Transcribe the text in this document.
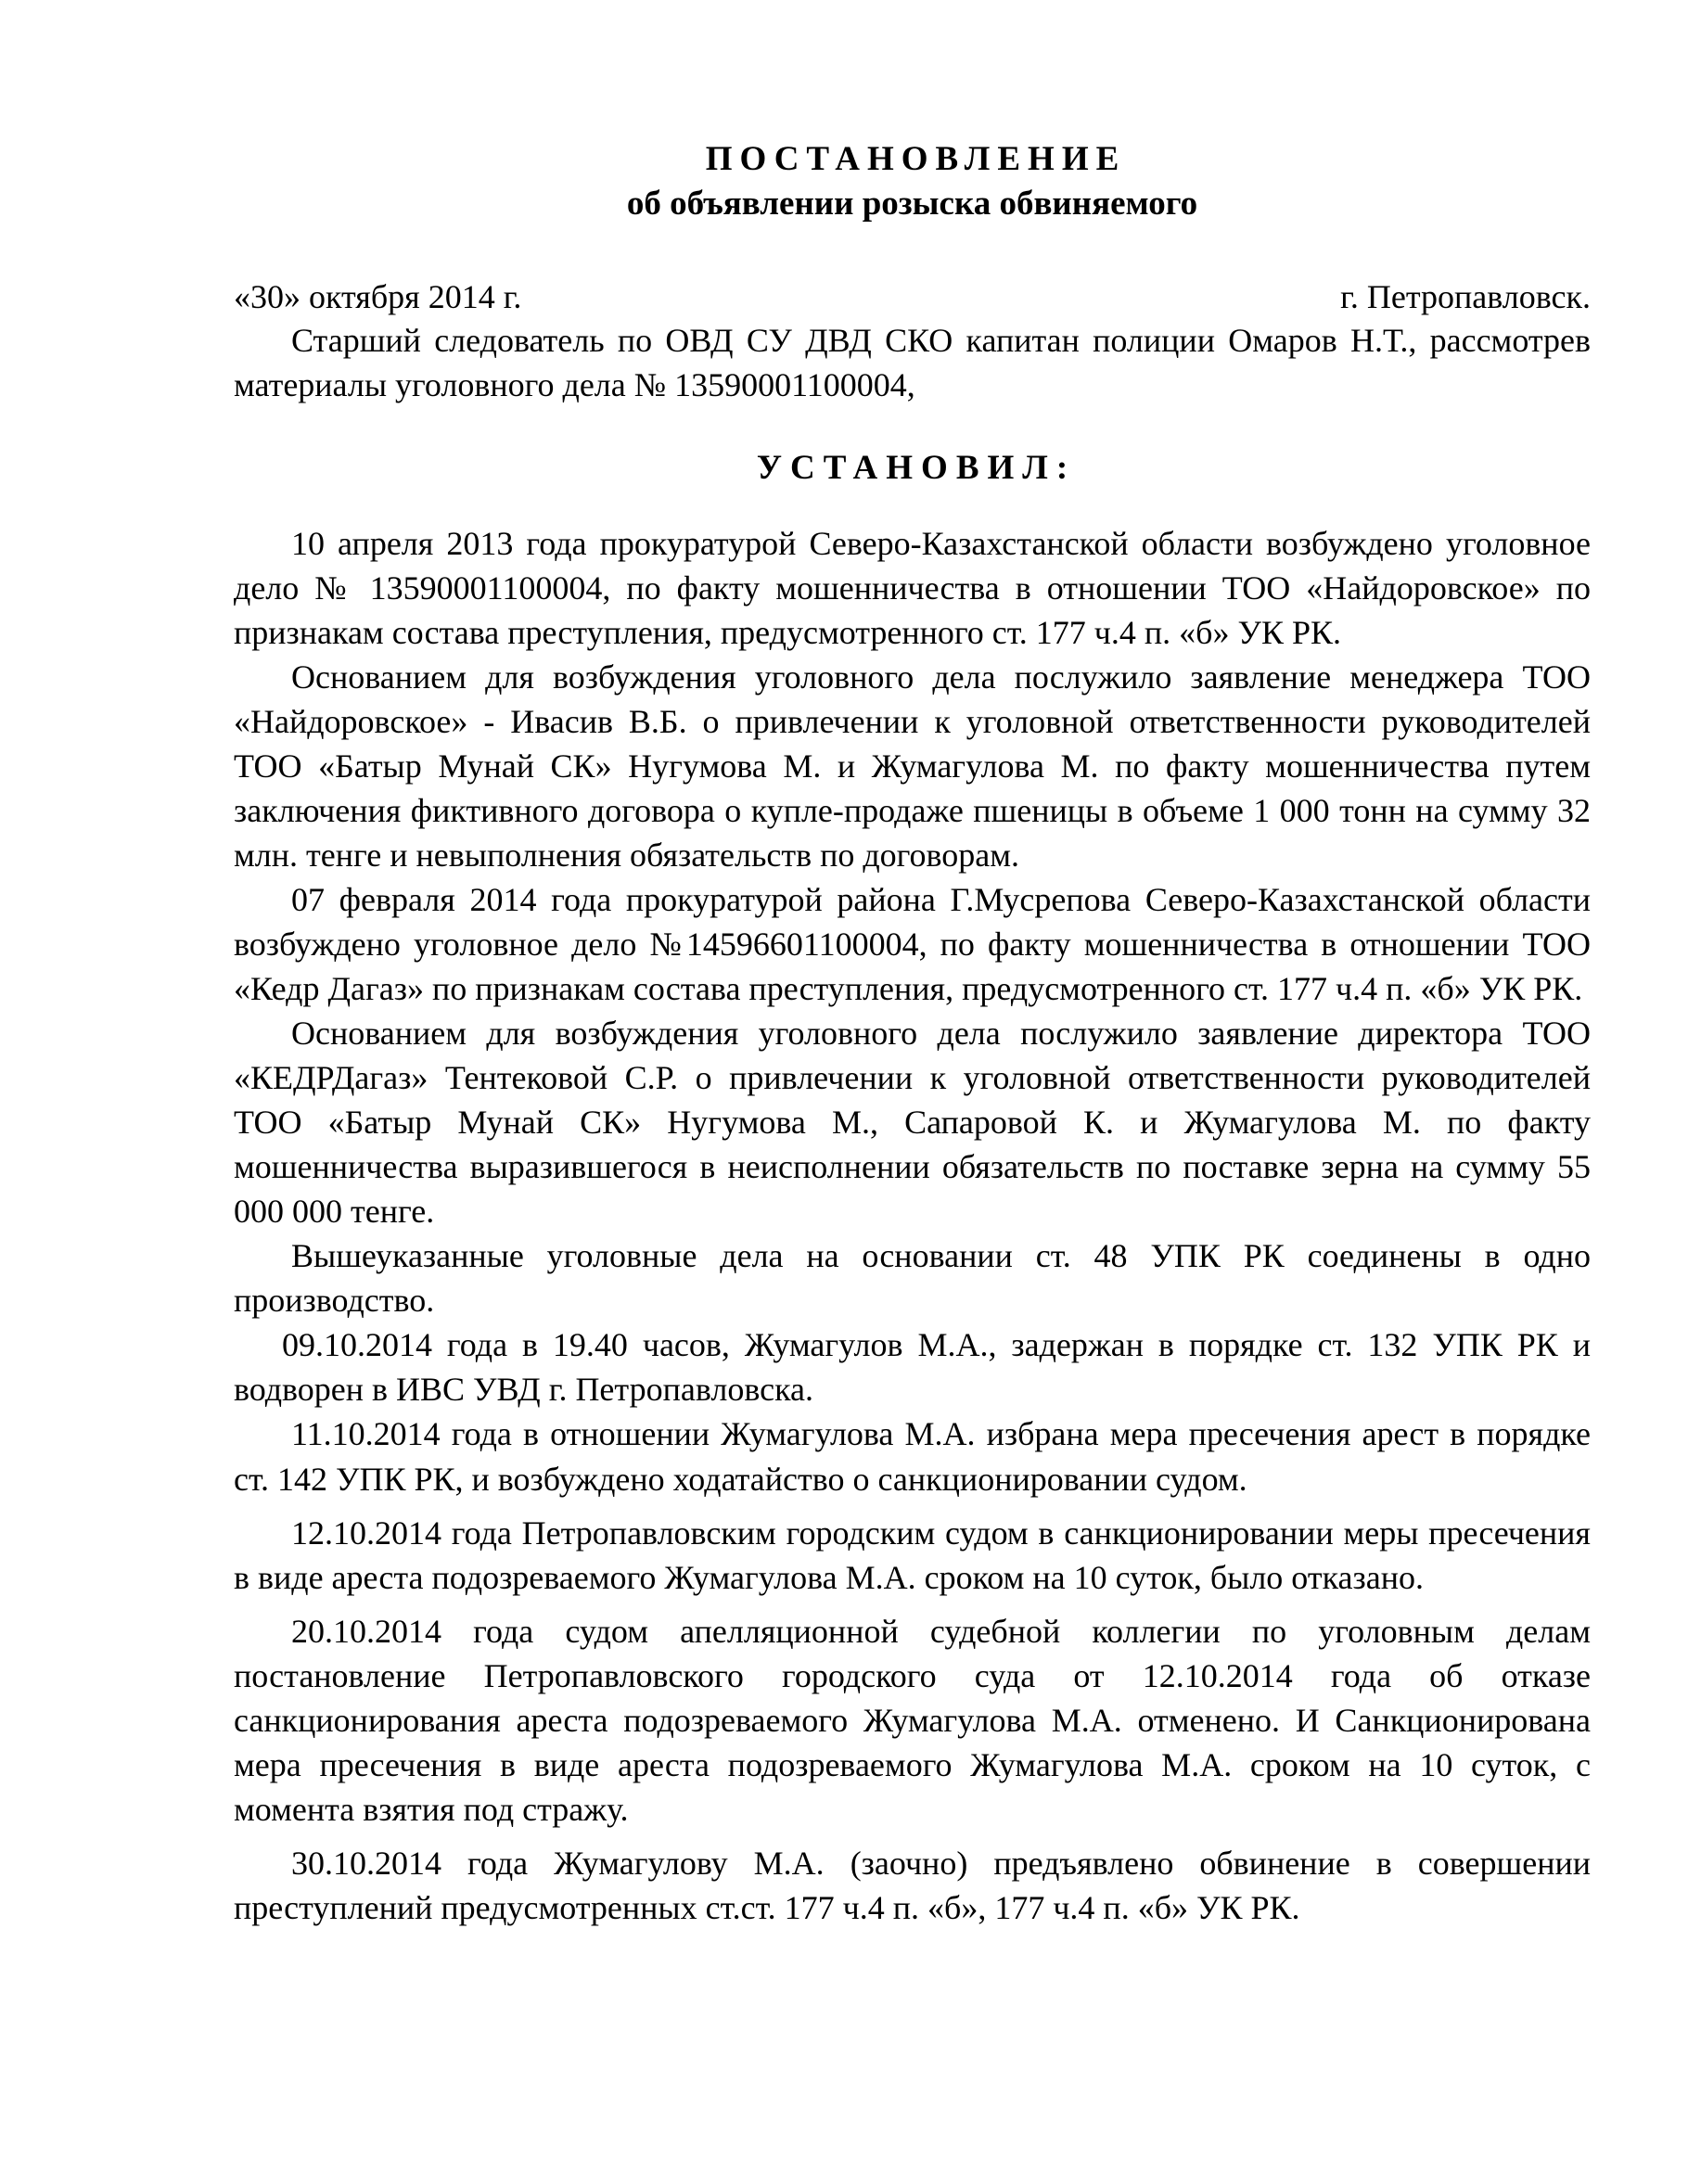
ПОСТАНОВЛЕНИЕ
об объявлении розыска обвиняемого
«30» октября 2014 г.	г. Петропавловск.

Старший следователь по ОВД СУ ДВД СКО капитан полиции Омаров Н.Т., рассмотрев материалы уголовного дела № 13590001100004,

УСТАНОВИЛ:

10 апреля 2013 года прокуратурой Северо-Казахстанской области возбуждено уголовное дело № 13590001100004, по факту мошенничества в отношении ТОО «Найдоровское» по признакам состава преступления, предусмотренного ст. 177 ч.4 п. «б» УК РК.

Основанием для возбуждения уголовного дела послужило заявление менеджера ТОО «Найдоровское» - Ивасив В.Б. о привлечении к уголовной ответственности руководителей ТОО «Батыр Мунай СК» Нугумова М. и Жумагулова М. по факту мошенничества путем заключения фиктивного договора о купле-продаже пшеницы в объеме 1 000 тонн на сумму 32 млн. тенге и невыполнения обязательств по договорам.

07 февраля 2014 года прокуратурой района Г.Мусрепова Северо-Казахстанской области возбуждено уголовное дело №14596601100004, по факту мошенничества в отношении ТОО «Кедр Дагаз» по признакам состава преступления, предусмотренного ст. 177 ч.4 п. «б» УК РК.

Основанием для возбуждения уголовного дела послужило заявление директора ТОО «КЕДРДагаз» Тентековой С.Р. о привлечении к уголовной ответственности руководителей ТОО «Батыр Мунай СК» Нугумова М., Сапаровой К. и Жумагулова М. по факту мошенничества выразившегося в неисполнении обязательств по поставке зерна на сумму 55 000 000 тенге.

Вышеуказанные уголовные дела на основании ст. 48 УПК РК соединены в одно производство.

09.10.2014 года в 19.40 часов, Жумагулов М.А., задержан в порядке ст. 132 УПК РК и водворен в ИВС УВД г. Петропавловска.

11.10.2014 года в отношении Жумагулова М.А. избрана мера пресечения арест в порядке ст. 142 УПК РК, и возбуждено ходатайство о санкционировании судом.

12.10.2014 года Петропавловским городским судом в санкционировании меры пресечения в виде ареста подозреваемого Жумагулова М.А. сроком на 10 суток, было отказано.

20.10.2014 года судом апелляционной судебной коллегии по уголовным делам постановление Петропавловского городского суда от 12.10.2014 года об отказе санкционирования ареста подозреваемого Жумагулова М.А. отменено. И Санкционирована мера пресечения в виде ареста подозреваемого Жумагулова М.А. сроком на 10 суток, с момента взятия под стражу.

30.10.2014 года Жумагулову М.А. (заочно) предъявлено обвинение в совершении преступлений предусмотренных ст.ст. 177 ч.4 п. «б», 177 ч.4 п. «б» УК РК.
